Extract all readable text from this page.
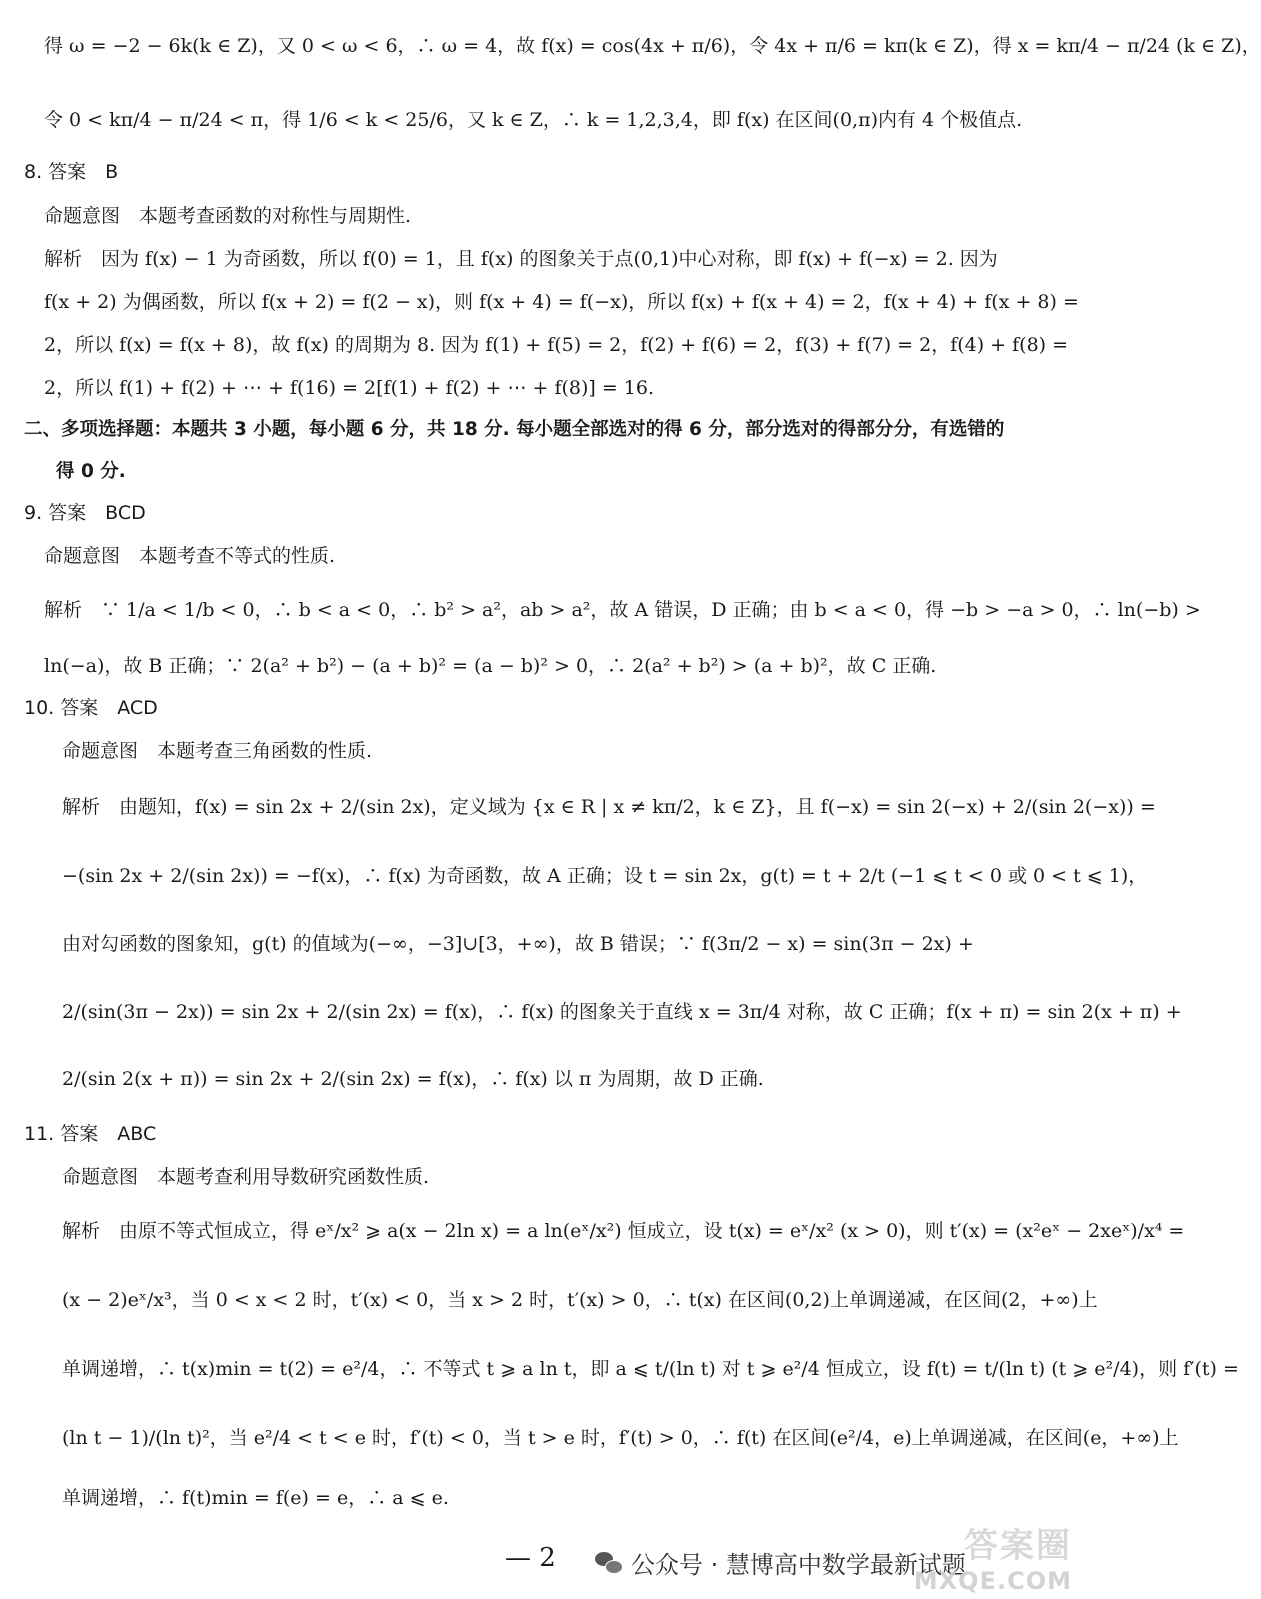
得 ω = −2 − 6k(k ∈ Z)，又 0 < ω < 6，∴ ω = 4，故 f(x) = cos(4x + π/6)，令 4x + π/6 = kπ(k ∈ Z)，得 x = kπ/4 − π/24 (k ∈ Z)，
令 0 < kπ/4 − π/24 < π，得 1/6 < k < 25/6，又 k ∈ Z，∴ k = 1,2,3,4，即 f(x) 在区间(0,π)内有 4 个极值点.
8. 答案　B
命题意图　本题考查函数的对称性与周期性.
解析　因为 f(x) − 1 为奇函数，所以 f(0) = 1，且 f(x) 的图象关于点(0,1)中心对称，即 f(x) + f(−x) = 2. 因为
f(x + 2) 为偶函数，所以 f(x + 2) = f(2 − x)，则 f(x + 4) = f(−x)，所以 f(x) + f(x + 4) = 2，f(x + 4) + f(x + 8) =
2，所以 f(x) = f(x + 8)，故 f(x) 的周期为 8. 因为 f(1) + f(5) = 2，f(2) + f(6) = 2，f(3) + f(7) = 2，f(4) + f(8) =
2，所以 f(1) + f(2) + ⋯ + f(16) = 2[f(1) + f(2) + ⋯ + f(8)] = 16.
二、多项选择题：本题共 3 小题，每小题 6 分，共 18 分. 每小题全部选对的得 6 分，部分选对的得部分分，有选错的
得 0 分.
9. 答案　BCD
命题意图　本题考查不等式的性质.
解析　∵ 1/a < 1/b < 0，∴ b < a < 0，∴ b² > a²，ab > a²，故 A 错误，D 正确；由 b < a < 0，得 −b > −a > 0，∴ ln(−b) >
ln(−a)，故 B 正确；∵ 2(a² + b²) − (a + b)² = (a − b)² > 0，∴ 2(a² + b²) > (a + b)²，故 C 正确.
10. 答案　ACD
命题意图　本题考查三角函数的性质.
解析　由题知，f(x) = sin 2x + 2/(sin 2x)，定义域为 {x ∈ R | x ≠ kπ/2，k ∈ Z}，且 f(−x) = sin 2(−x) + 2/(sin 2(−x)) =
−(sin 2x + 2/(sin 2x)) = −f(x)，∴ f(x) 为奇函数，故 A 正确；设 t = sin 2x，g(t) = t + 2/t (−1 ⩽ t < 0 或 0 < t ⩽ 1)，
由对勾函数的图象知，g(t) 的值域为(−∞，−3]∪[3，+∞)，故 B 错误；∵ f(3π/2 − x) = sin(3π − 2x) +
2/(sin(3π − 2x)) = sin 2x + 2/(sin 2x) = f(x)，∴ f(x) 的图象关于直线 x = 3π/4 对称，故 C 正确；f(x + π) = sin 2(x + π) +
2/(sin 2(x + π)) = sin 2x + 2/(sin 2x) = f(x)，∴ f(x) 以 π 为周期，故 D 正确.
11. 答案　ABC
命题意图　本题考查利用导数研究函数性质.
解析　由原不等式恒成立，得 eˣ/x² ⩾ a(x − 2ln x) = a ln(eˣ/x²) 恒成立，设 t(x) = eˣ/x² (x > 0)，则 t′(x) = (x²eˣ − 2xeˣ)/x⁴ =
(x − 2)eˣ/x³，当 0 < x < 2 时，t′(x) < 0，当 x > 2 时，t′(x) > 0，∴ t(x) 在区间(0,2)上单调递减，在区间(2，+∞)上
单调递增，∴ t(x)min = t(2) = e²/4，∴ 不等式 t ⩾ a ln t，即 a ⩽ t/(ln t) 对 t ⩾ e²/4 恒成立，设 f(t) = t/(ln t) (t ⩾ e²/4)，则 f′(t) =
(ln t − 1)/(ln t)²，当 e²/4 < t < e 时，f′(t) < 0，当 t > e 时，f′(t) > 0，∴ f(t) 在区间(e²/4，e)上单调递减，在区间(e，+∞)上
单调递增，∴ f(t)min = f(e) = e，∴ a ⩽ e.
— 2	公众号 · 慧博高中数学最新试题
答案圈
MXQE.COM
